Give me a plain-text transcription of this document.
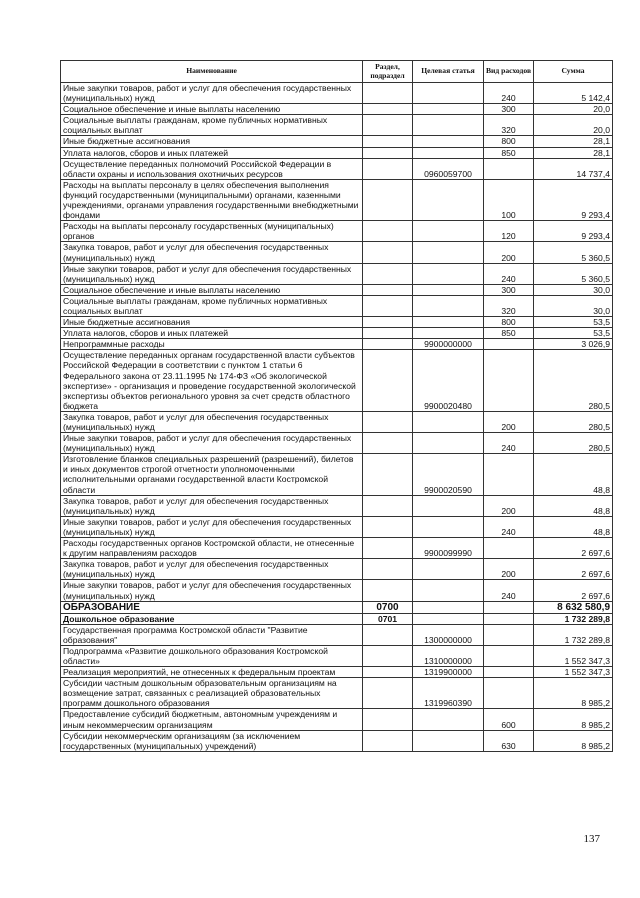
Наименование	Раздел, подраздел	Целевая статья	Вид расходов	Сумма
Иные закупки товаров, работ и услуг для обеспечения государственных (муниципальных) нужд			240	5 142,4
Социальное обеспечение и иные выплаты населению			300	20,0
Социальные выплаты гражданам, кроме публичных нормативных социальных выплат			320	20,0
Иные бюджетные ассигнования			800	28,1
Уплата налогов, сборов и иных платежей			850	28,1
Осуществление переданных полномочий Российской Федерации в области охраны и использования охотничьих ресурсов		0960059700		14 737,4
Расходы на выплаты персоналу в целях обеспечения выполнения функций государственными (муниципальными) органами, казенными учреждениями, органами управления государственными внебюджетными фондами			100	9 293,4
Расходы на выплаты персоналу государственных (муниципальных) органов			120	9 293,4
Закупка товаров, работ и услуг для обеспечения государственных (муниципальных) нужд			200	5 360,5
Иные закупки товаров, работ и услуг для обеспечения государственных (муниципальных) нужд			240	5 360,5
Социальное обеспечение и иные выплаты населению			300	30,0
Социальные выплаты гражданам, кроме публичных нормативных социальных выплат			320	30,0
Иные бюджетные ассигнования			800	53,5
Уплата налогов, сборов и иных платежей			850	53,5
Непрограммные расходы		9900000000		3 026,9
Осуществление переданных органам государственной власти субъектов Российской Федерации в соответствии с пунктом 1 статьи 6 Федерального закона от 23.11.1995 № 174-ФЗ «Об экологической экспертизе» - организация и проведение государственной экологической экспертизы объектов регионального уровня за счет средств областного бюджета		9900020480		280,5
Закупка товаров, работ и услуг для обеспечения государственных (муниципальных) нужд			200	280,5
Иные закупки товаров, работ и услуг для обеспечения государственных (муниципальных) нужд			240	280,5
Изготовление бланков специальных разрешений (разрешений), билетов и иных документов строгой отчетности уполномоченными исполнительными органами государственной власти Костромской области		9900020590		48,8
Закупка товаров, работ и услуг для обеспечения государственных (муниципальных) нужд			200	48,8
Иные закупки товаров, работ и услуг для обеспечения государственных (муниципальных) нужд			240	48,8
Расходы государственных органов Костромской области, не отнесенные к другим направлениям расходов		9900099990		2 697,6
Закупка товаров, работ и услуг для обеспечения государственных (муниципальных) нужд			200	2 697,6
Иные закупки товаров, работ и услуг для обеспечения государственных (муниципальных) нужд			240	2 697,6
ОБРАЗОВАНИЕ	0700			8 632 580,9
Дошкольное образование	0701			1 732 289,8
Государственная программа Костромской области "Развитие образования"		1300000000		1 732 289,8
Подпрограмма «Развитие дошкольного образования Костромской области»		1310000000		1 552 347,3
Реализация мероприятий, не отнесенных к федеральным проектам		1319900000		1 552 347,3
Субсидии частным дошкольным образовательным организациям на возмещение затрат, связанных с реализацией образовательных программ дошкольного образования		1319960390		8 985,2
Предоставление субсидий бюджетным, автономным учреждениям и иным некоммерческим организациям			600	8 985,2
Субсидии некоммерческим организациям (за исключением государственных (муниципальных) учреждений)			630	8 985,2
137
